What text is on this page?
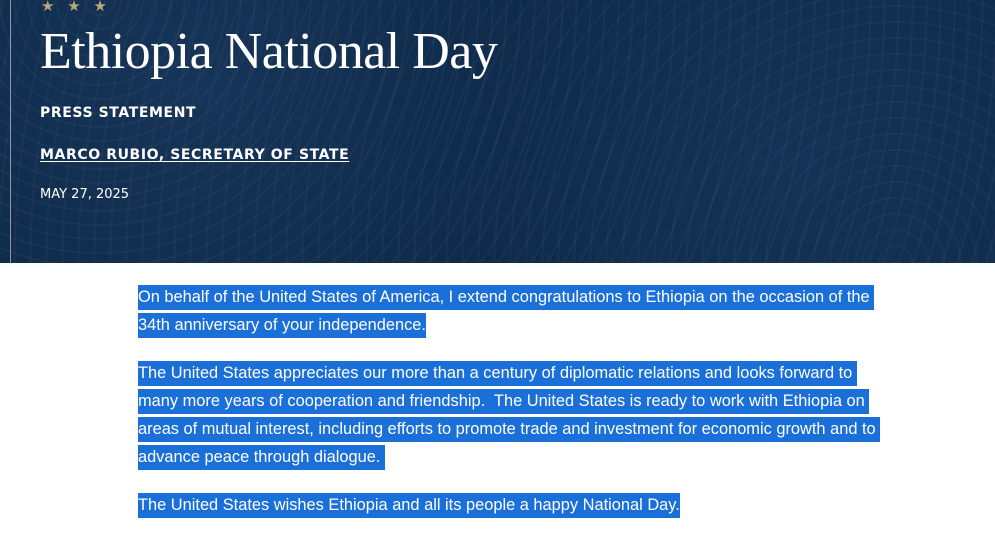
★ ★ ★
Ethiopia National Day
PRESS STATEMENT
MARCO RUBIO, SECRETARY OF STATE
MAY 27, 2025

On behalf of the United States of America, I extend congratulations to Ethiopia on the occasion of the 34th anniversary of your independence.

The United States appreciates our more than a century of diplomatic relations and looks forward to many more years of cooperation and friendship.  The United States is ready to work with Ethiopia on areas of mutual interest, including efforts to promote trade and investment for economic growth and to advance peace through dialogue.

The United States wishes Ethiopia and all its people a happy National Day.
